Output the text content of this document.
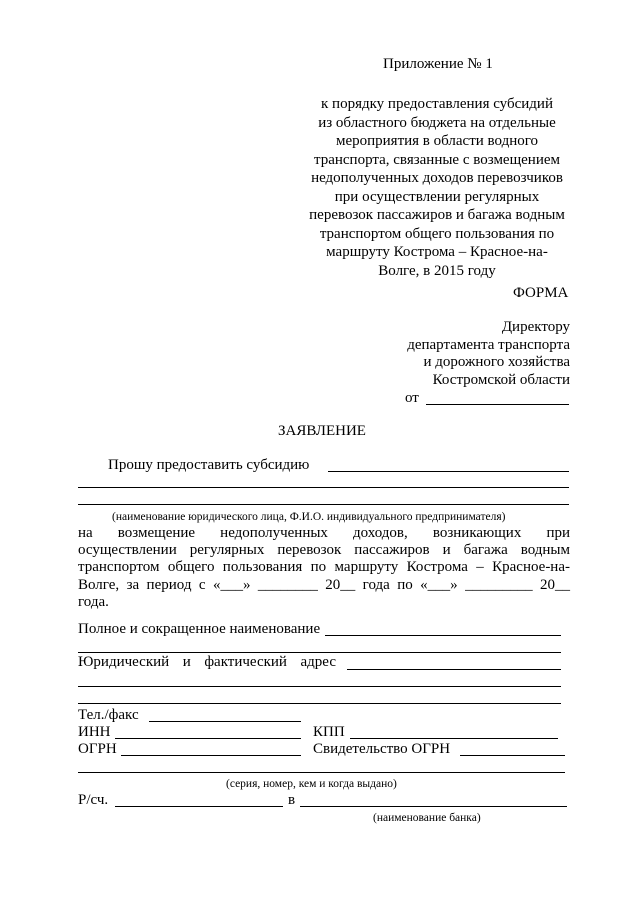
Приложение № 1
к порядку предоставления субсидий
из областного бюджета на отдельные
мероприятия в области водного
транспорта, связанные с возмещением
недополученных доходов перевозчиков
при осуществлении регулярных
перевозок пассажиров и багажа водным
транспортом общего пользования по
маршруту Кострома – Красное-на-
Волге, в 2015 году
ФОРМА
Директору
департамента транспорта
и дорожного хозяйства
Костромской области
от
ЗАЯВЛЕНИЕ
Прошу предоставить субсидию
(наименование юридического лица, Ф.И.О. индивидуального предпринимателя)
на возмещение недополученных доходов, возникающих при
осуществлении регулярных перевозок пассажиров и багажа водным
транспортом общего пользования по маршруту Кострома – Красное-на-
Волге, за период с «___» ________ 20__ года по «___» _________ 20__
года.
Полное и сокращенное наименование
Юридический и фактический адрес
Тел./факс
ИНН	КПП
ОГРН	Свидетельство ОГРН
(серия, номер, кем и когда выдано)
Р/сч.	в
(наименование банка)
